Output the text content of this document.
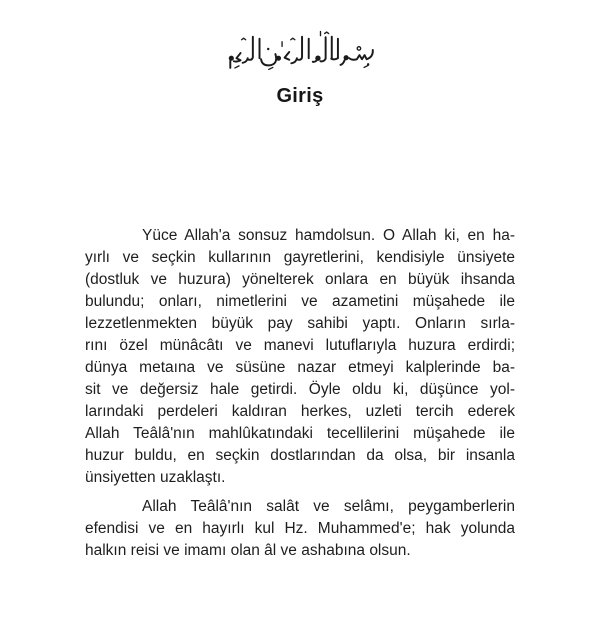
Giriş
Yüce Allah'a sonsuz hamdolsun. O Allah ki, en ha-
yırlı ve seçkin kullarının gayretlerini, kendisiyle ünsiyete
(dostluk ve huzura) yönelterek onlara en büyük ihsanda
bulundu; onları, nimetlerini ve azametini müşahede ile
lezzetlenmekten büyük pay sahibi yaptı. Onların sırla-
rını özel münâcâtı ve manevi lutuflarıyla huzura erdirdi;
dünya metaına ve süsüne nazar etmeyi kalplerinde ba-
sit ve değersiz hale getirdi. Öyle oldu ki, düşünce yol-
larındaki perdeleri kaldıran herkes, uzleti tercih ederek
Allah Teâlâ'nın mahlûkatındaki tecellilerini müşahede ile
huzur buldu, en seçkin dostlarından da olsa, bir insanla
ünsiyetten uzaklaştı.
Allah Teâlâ'nın salât ve selâmı, peygamberlerin
efendisi ve en hayırlı kul Hz. Muhammed'e; hak yolunda
halkın reisi ve imamı olan âl ve ashabına olsun.
